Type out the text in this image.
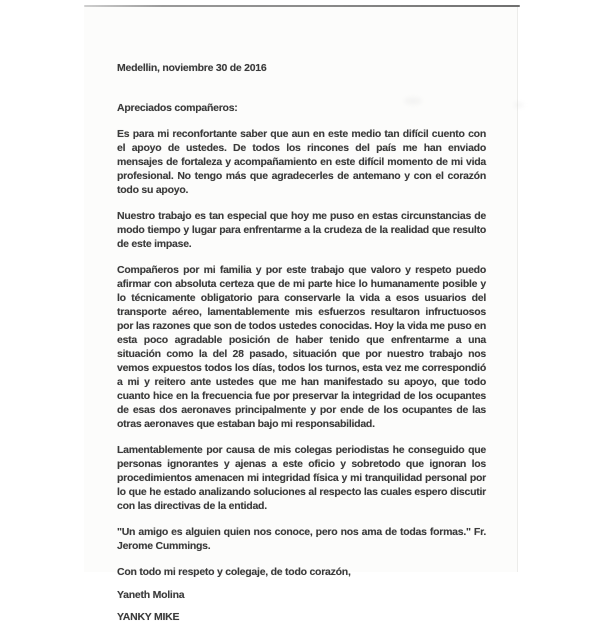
Medellin, noviembre 30 de 2016
Apreciados compañeros:

Es para mi reconfortante saber que aun en este medio tan difícil cuento con el apoyo de ustedes. De todos los rincones del país me han enviado mensajes de fortaleza y acompañamiento en este difícil momento de mi vida profesional. No tengo más que agradecerles de antemano y con el corazón todo su apoyo.

Nuestro trabajo es tan especial que hoy me puso en estas circunstancias de modo tiempo y lugar para enfrentarme a la crudeza de la realidad que resulto de este impase.

Compañeros por mi familia y por este trabajo que valoro y respeto puedo afirmar con absoluta certeza que de mi parte hice lo humanamente posible y lo técnicamente obligatorio para conservarle la vida a esos usuarios del transporte aéreo, lamentablemente mis esfuerzos resultaron infructuosos por las razones que son de todos ustedes conocidas. Hoy la vida me puso en esta poco agradable posición de haber tenido que enfrentarme a una situación como la del 28 pasado, situación que por nuestro trabajo nos vemos expuestos todos los días, todos los turnos, esta vez me correspondió a mi y reitero ante ustedes que me han manifestado su apoyo, que todo cuanto hice en la frecuencia fue por preservar la integridad de los ocupantes de esas dos aeronaves principalmente y por ende de los ocupantes de las otras aeronaves que estaban bajo mi responsabilidad.

Lamentablemente por causa de mis colegas periodistas he conseguido que personas ignorantes y ajenas a este oficio y sobretodo que ignoran los procedimientos amenacen mi integridad física y mi tranquilidad personal por lo que he estado analizando soluciones al respecto las cuales espero discutir con las directivas de la entidad.

"Un amigo es alguien quien nos conoce, pero nos ama de todas formas." Fr. Jerome Cummings.

Con todo mi respeto y colegaje, de todo corazón,

Yaneth Molina

YANKY MIKE
